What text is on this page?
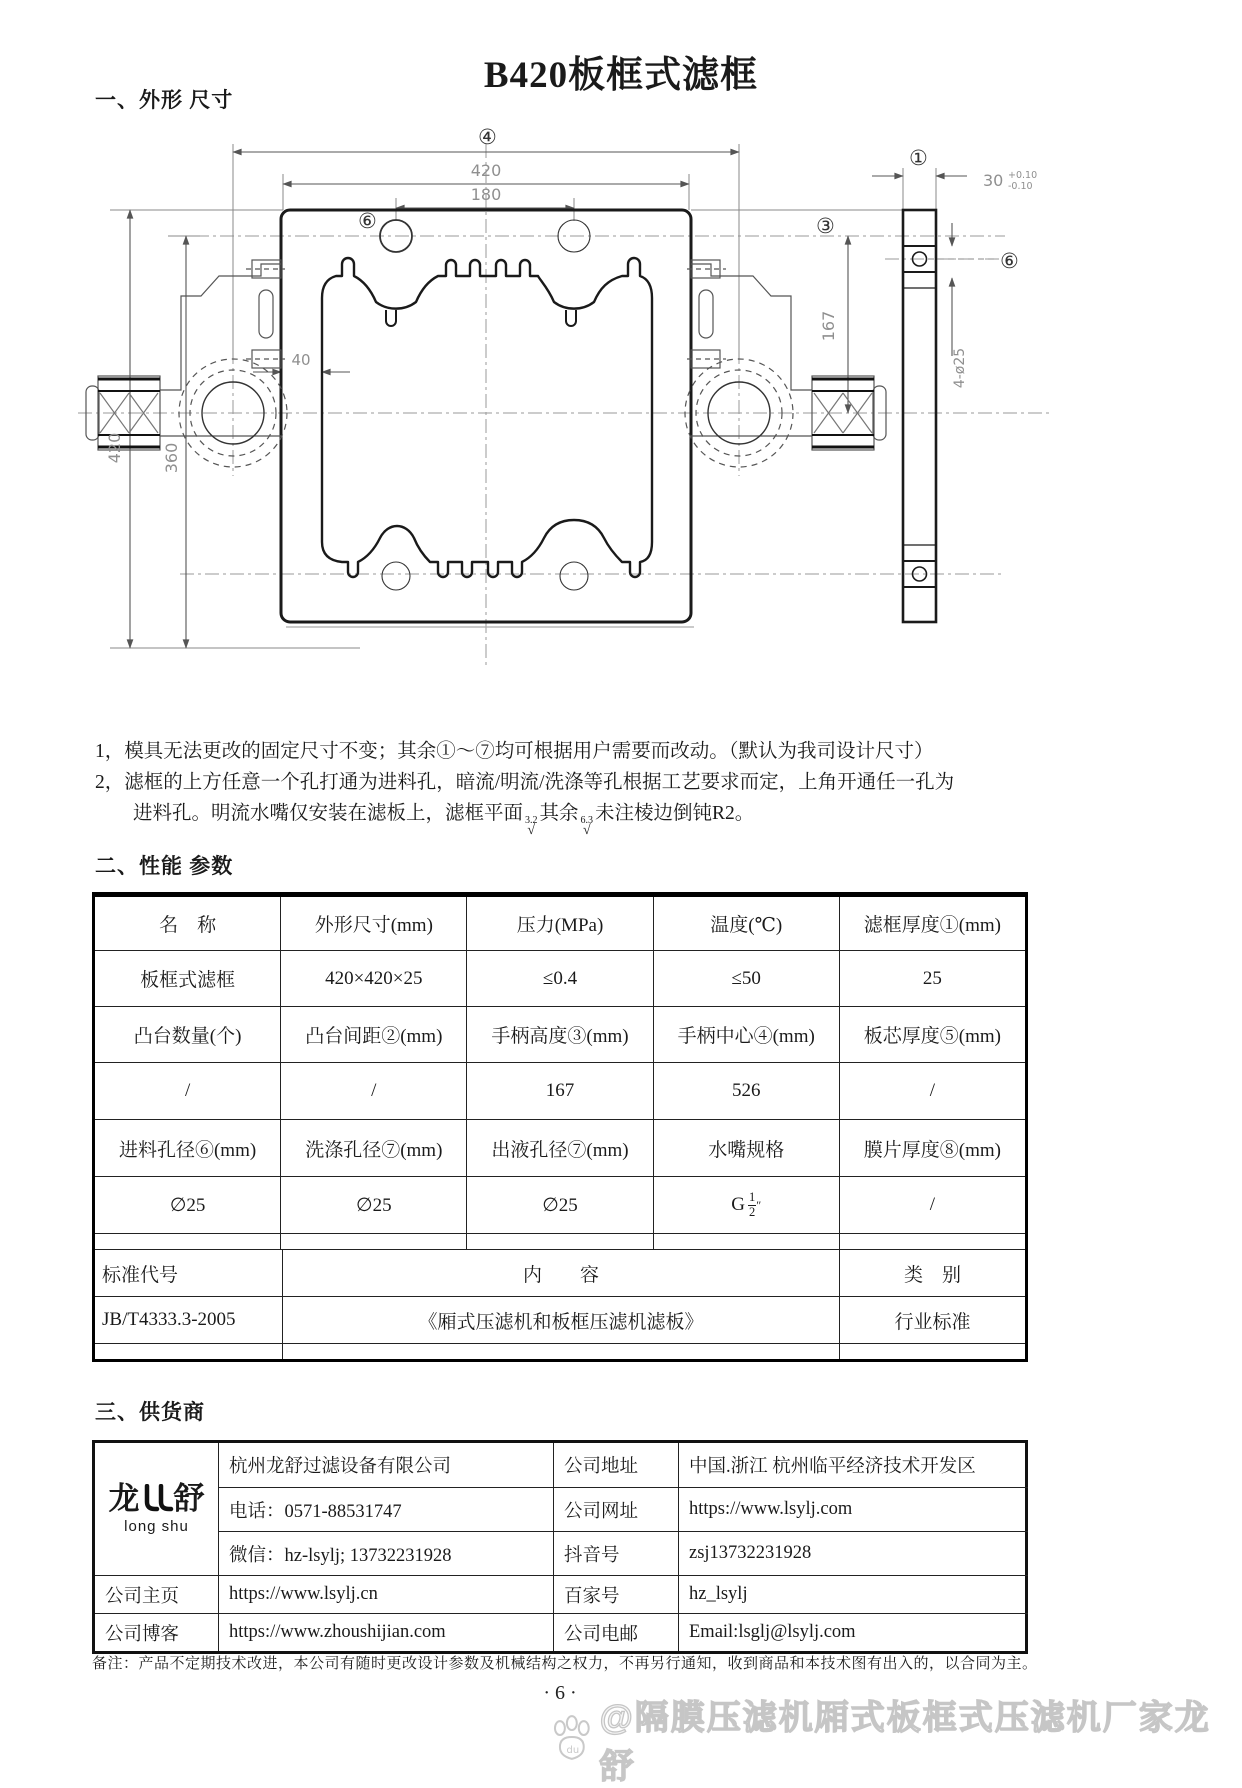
B420板框式滤框
一、外形 尺寸
④
420
180
⑥
40
420 360
③
167
①
30 +0.10
-0.10
⑥
4-ø25
1，模具无法更改的固定尺寸不变；其余①～⑦均可根据用户需要而改动。（默认为我司设计尺寸）
2，滤框的上方任意一个孔打通为进料孔，暗流/明流/洗涤等孔根据工艺要求而定，上角开通任一孔为
进料孔。明流水嘴仅安装在滤板上，滤框平面 3.2
√
其余 6.3
√
未注棱边倒钝R2。
二、性能 参数
名　称	外形尺寸(mm)	压力(MPa)	温度(℃)	滤框厚度①(mm)
板框式滤框	420×420×25	≤0.4	≤50	25
凸台数量(个)	凸台间距②(mm)	手柄高度③(mm)	手柄中心④(mm)	板芯厚度⑤(mm)
/	/	167	526	/
进料孔径⑥(mm)	洗涤孔径⑦(mm)	出液孔径⑦(mm)	水嘴规格	膜片厚度⑧(mm)
∅25	∅25	∅25	G $\frac{1}{2}$ ″	/
标准代号	内　　容	类　别
JB/T4333.3-2005	《厢式压滤机和板框压滤机滤板》	行业标准
三、供货商
龙 舒
long shu
杭州龙舒过滤设备有限公司	公司地址	中国.浙江 杭州临平经济技术开发区
电话：0571-88531747	公司网址	https://www.lsylj.com
微信：hz-lsylj; 13732231928	抖音号	zsj13732231928
公司主页	https://www.lsylj.cn	百家号	hz_lsylj
公司博客	https://www.zhoushijian.com	公司电邮	Email:lsglj@lsylj.com
备注：产品不定期技术改进，本公司有随时更改设计参数及机械结构之权力，不再另行通知，收到商品和本技术图有出入的，以合同为主。
· 6 ·
du
@隔膜压滤机厢式板框式压滤机厂家龙舒
